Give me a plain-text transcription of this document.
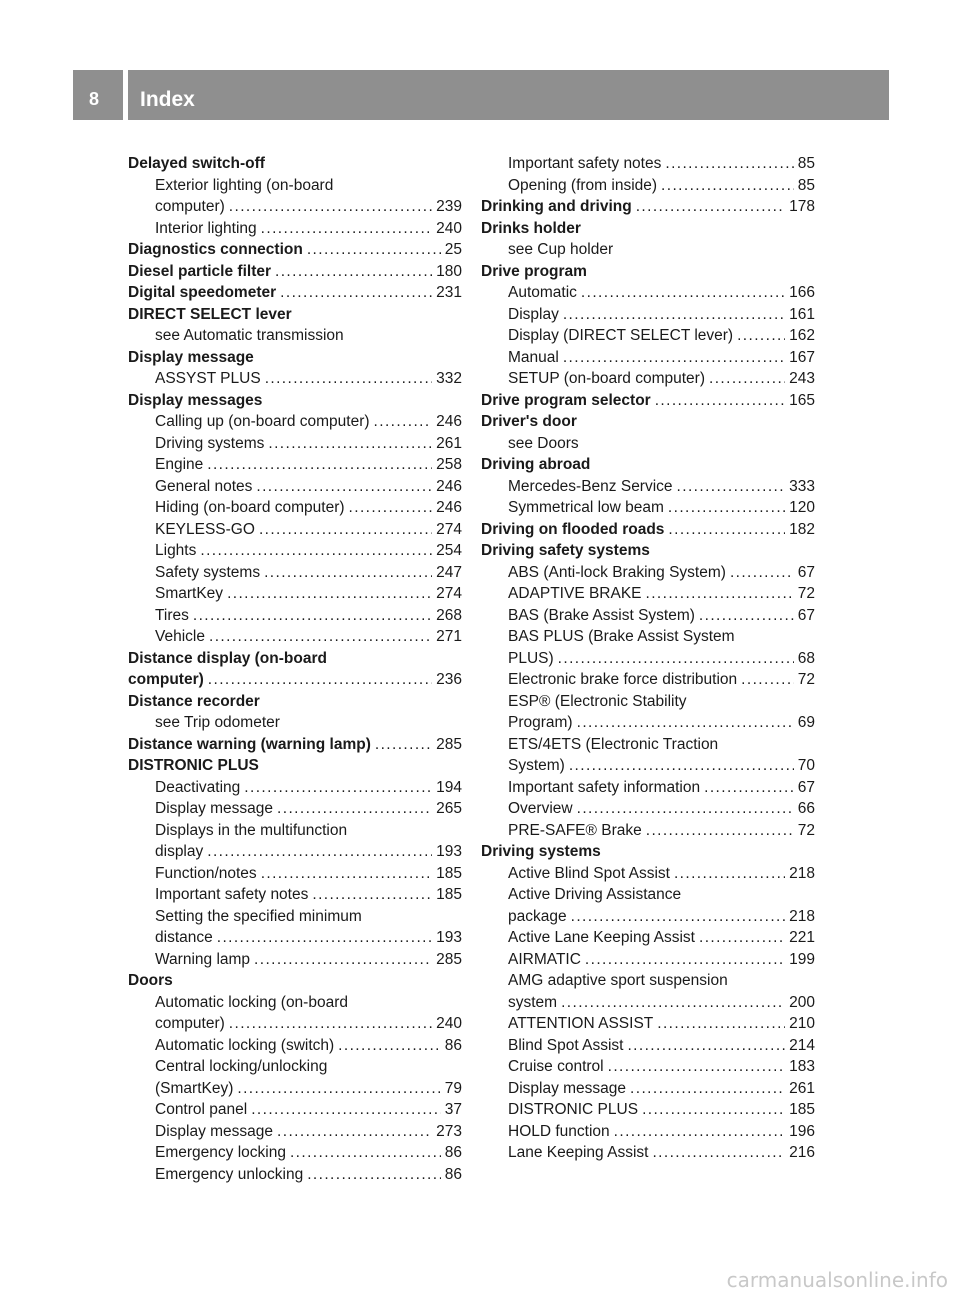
8	Index
Delayed switch-off
Exterior lighting (on-board
computer) .....	239
Interior lighting .....	240
Diagnostics connection .....	25
Diesel particle filter .....	180
Digital speedometer .....	231
DIRECT SELECT lever
see Automatic transmission
Display message
ASSYST PLUS .....	332
Display messages
Calling up (on-board computer) .....	246
Driving systems .....	261
Engine .....	258
General notes .....	246
Hiding (on-board computer) .....	246
KEYLESS-GO .....	274
Lights .....	254
Safety systems .....	247
SmartKey .....	274
Tires .....	268
Vehicle .....	271
Distance display (on-board
computer) .....	236
Distance recorder
see Trip odometer
Distance warning (warning lamp) .....	285
DISTRONIC PLUS
Deactivating .....	194
Display message .....	265
Displays in the multifunction
display .....	193
Function/notes .....	185
Important safety notes .....	185
Setting the specified minimum
distance .....	193
Warning lamp .....	285
Doors
Automatic locking (on-board
computer) .....	240
Automatic locking (switch) .....	86
Central locking/unlocking
(SmartKey) .....	79
Control panel .....	37
Display message .....	273
Emergency locking .....	86
Emergency unlocking .....	86
Important safety notes .....	85
Opening (from inside) .....	85
Drinking and driving .....	178
Drinks holder
see Cup holder
Drive program
Automatic .....	166
Display .....	161
Display (DIRECT SELECT lever) .....	162
Manual .....	167
SETUP (on-board computer) .....	243
Drive program selector .....	165
Driver's door
see Doors
Driving abroad
Mercedes-Benz Service .....	333
Symmetrical low beam .....	120
Driving on flooded roads .....	182
Driving safety systems
ABS (Anti-lock Braking System) .....	67
ADAPTIVE BRAKE .....	72
BAS (Brake Assist System) .....	67
BAS PLUS (Brake Assist System
PLUS) .....	68
Electronic brake force distribution .....	72
ESP® (Electronic Stability
Program) .....	69
ETS/4ETS (Electronic Traction
System) .....	70
Important safety information .....	67
Overview .....	66
PRE-SAFE® Brake .....	72
Driving systems
Active Blind Spot Assist .....	218
Active Driving Assistance
package .....	218
Active Lane Keeping Assist .....	221
AIRMATIC .....	199
AMG adaptive sport suspension
system .....	200
ATTENTION ASSIST .....	210
Blind Spot Assist .....	214
Cruise control .....	183
Display message .....	261
DISTRONIC PLUS .....	185
HOLD function .....	196
Lane Keeping Assist .....	216
carmanualsonline.info
